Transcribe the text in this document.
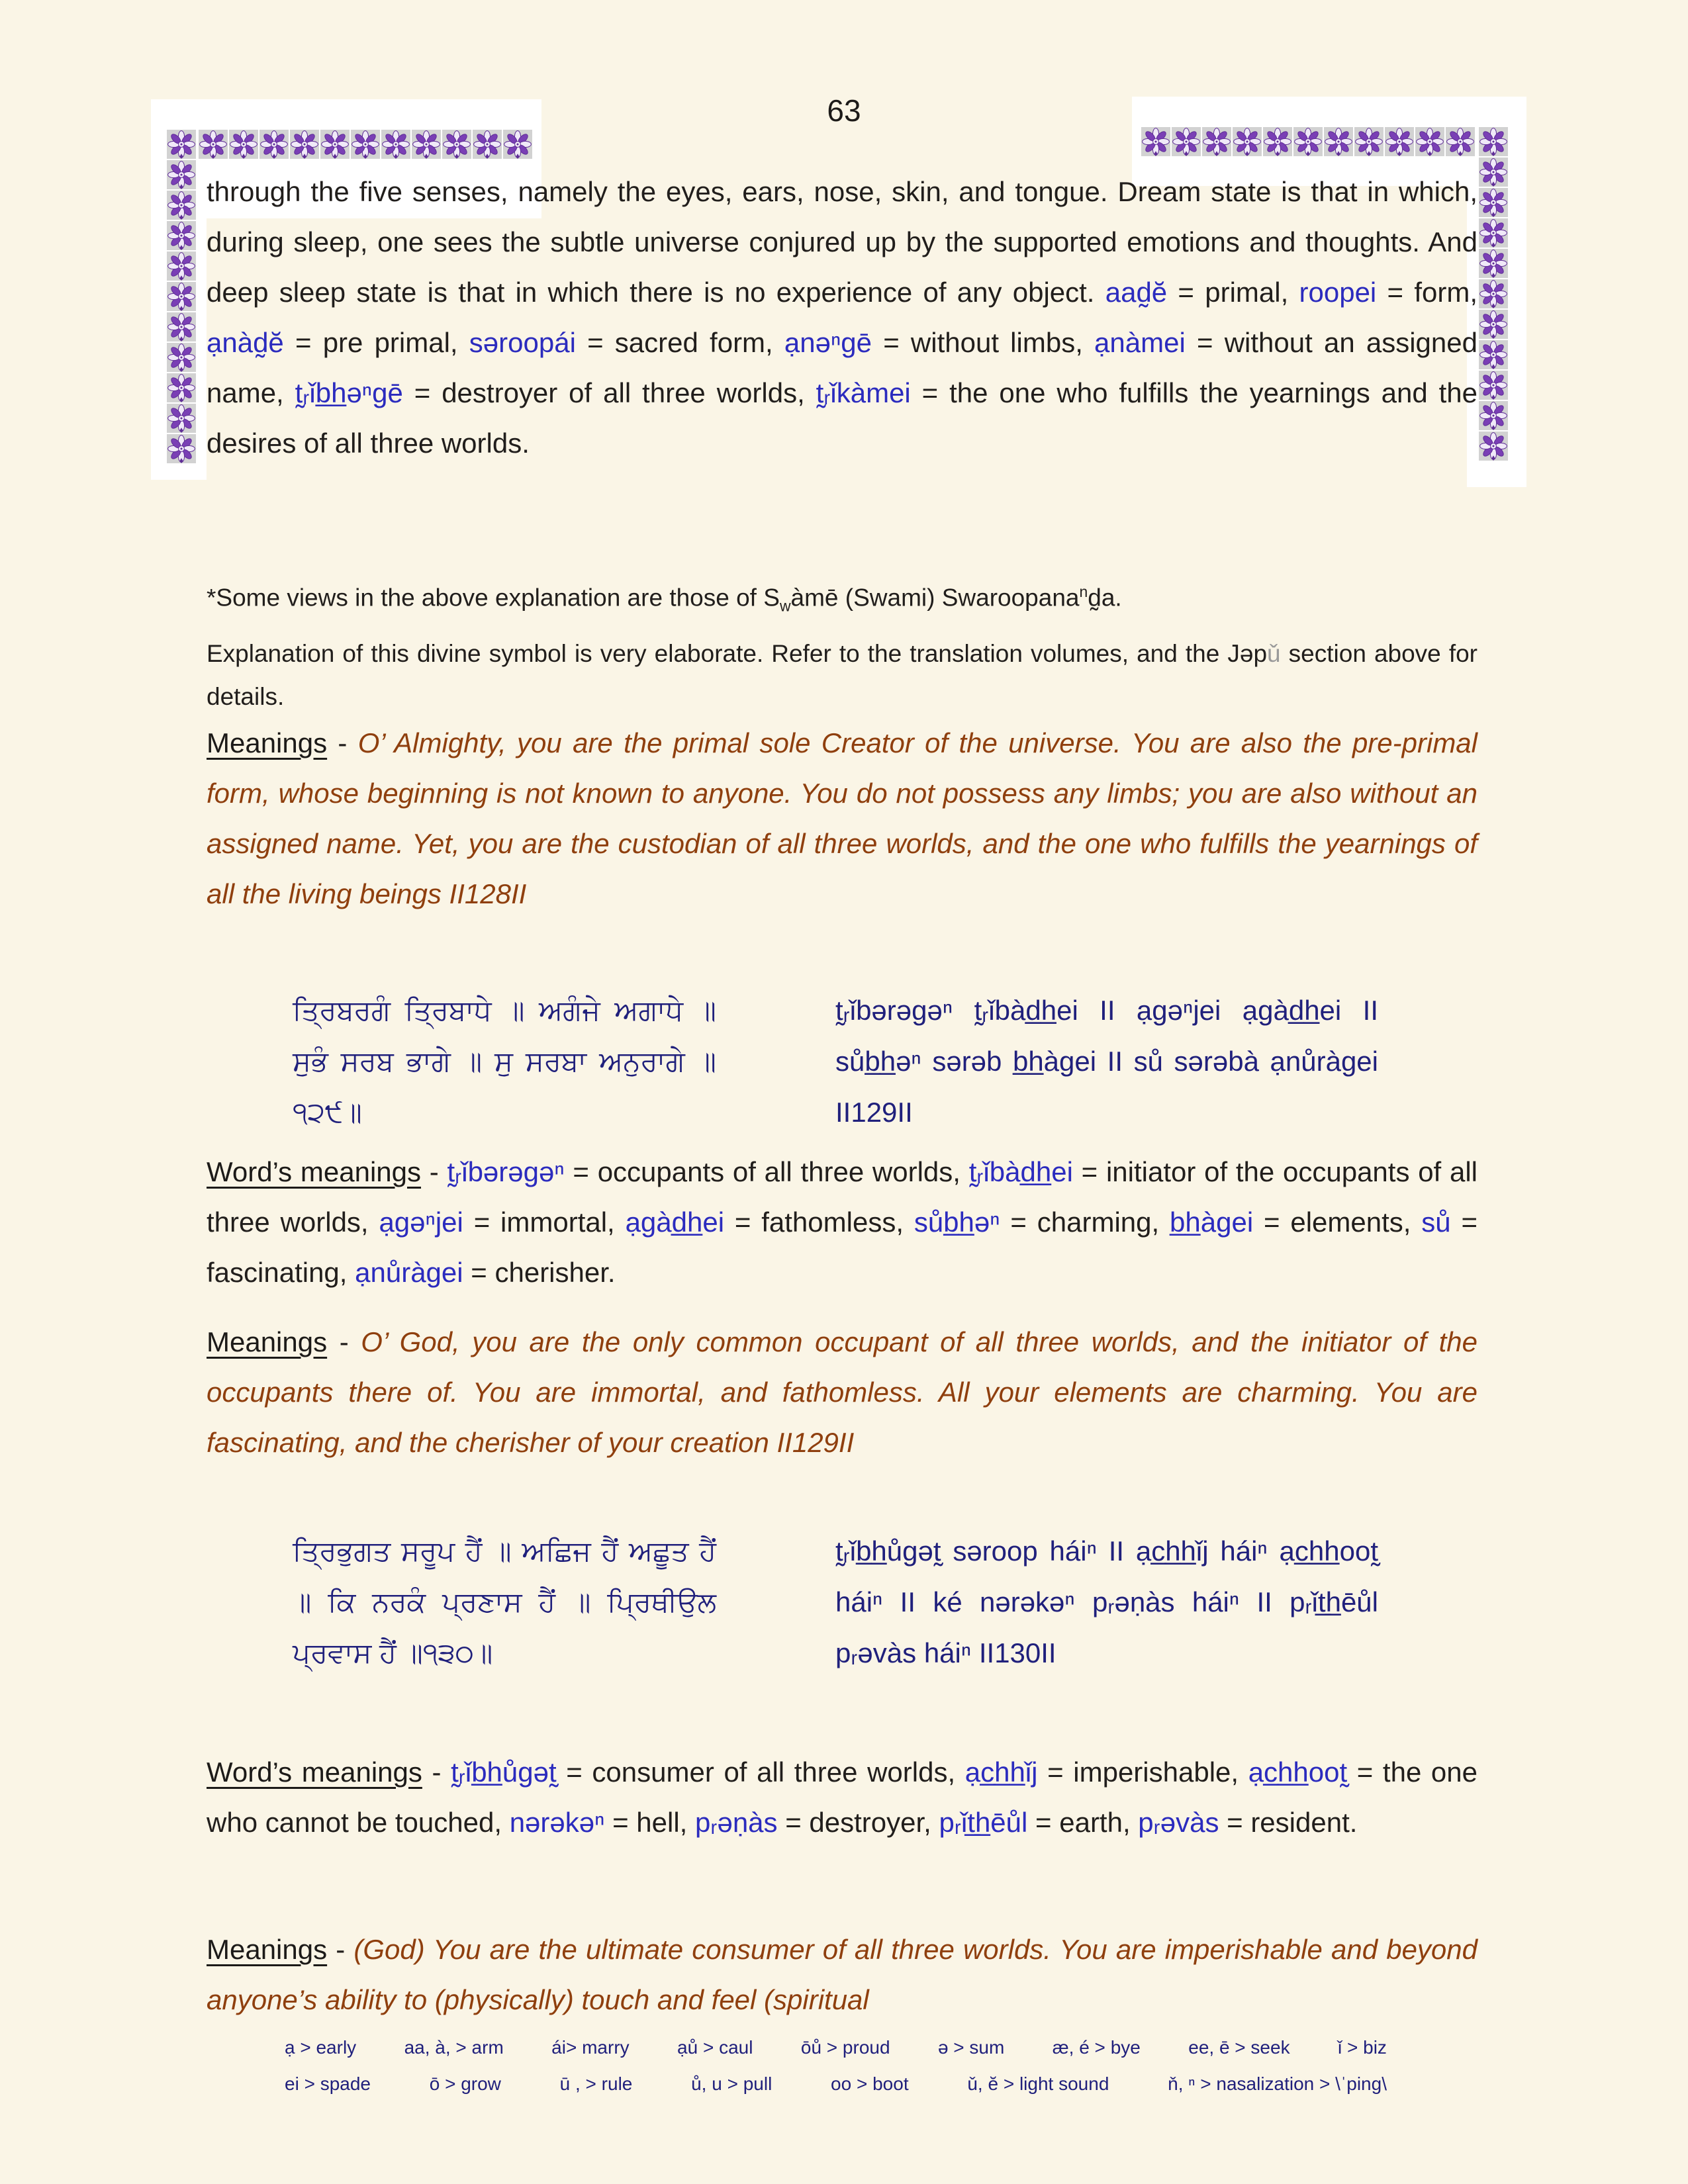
63

through the five senses, namely the eyes, ears, nose, skin, and tongue. Dream state is that in which, during sleep, one sees the subtle universe conjured up by the supported emotions and thoughts. And deep sleep state is that in which there is no experience of any object. aad̰ĕ = primal, roopei = form, ạnàd̰ĕ = pre primal, səroopái = sacred form, ạnəⁿgē = without limbs, ạnàmei = without an assigned name, t̰ᵣǐb̲h̲əⁿgē = destroyer of all three worlds, t̰ᵣǐkàmei = the one who fulfills the yearnings and the desires of all three worlds.

*Some views in the above explanation are those of $S_wàmē$ (Swami) Swaroopana$^n$d̰a.

Explanation of this divine symbol is very elaborate. Refer to the translation volumes, and the Jəpǔ section above for details.

Meanings - O’ Almighty, you are the primal sole Creator of the universe. You are also the pre-primal form, whose beginning is not known to anyone. You do not possess any limbs; you are also without an assigned name. Yet, you are the custodian of all three worlds, and the one who fulfills the yearnings of all the living beings II128II

ਤ੍ਰਿਬਰਗੰ ਤ੍ਰਿਬਾਧੇ ॥ ਅਗੰਜੇ ਅਗਾਧੇ ॥ ਸੁਭੰ ਸਰਬ ਭਾਗੇ ॥ ਸੁ ਸਰਬਾ ਅਨੁਰਾਗੇ ॥੧੨੯॥
t̰ᵣǐbərəgəⁿ t̰ᵣǐbàd̲h̲ei II ạgəⁿjei ạgàd̲h̲ei II sůb̲h̲əⁿ sərəb b̲h̲àgei II sů sərəbà ạnůràgei II129II

Word’s meanings - t̰ᵣǐbərəgəⁿ = occupants of all three worlds, t̰ᵣǐbàd̲h̲ei = initiator of the occupants of all three worlds, ạgəⁿjei = immortal, ạgàd̲h̲ei = fathomless, sůb̲h̲əⁿ = charming, b̲h̲àgei = elements, sů = fascinating, ạnůràgei = cherisher.

Meanings - O’ God, you are the only common occupant of all three worlds, and the initiator of the occupants there of. You are immortal, and fathomless. All your elements are charming. You are fascinating, and the cherisher of your creation II129II

ਤ੍ਰਿਭੁਗਤ ਸਰੂਪ ਹੈਂ ॥ ਅਛਿਜ ਹੈਂ ਅਛੂਤ ਹੈਂ ॥ ਕਿ ਨਰਕੰ ਪ੍ਰਣਾਸ ਹੈਂ ॥ ਪ੍ਰਿਥੀਉਲ ਪ੍ਰਵਾਸ ਹੈਂ ॥੧੩੦॥
t̰ᵣǐb̲h̲ůgət̰ səroop háiⁿ II ạc̲h̲h̲ǐj háiⁿ ạc̲h̲h̲oot̰ háiⁿ II ké nərəkəⁿ pᵣəṇàs háiⁿ II pᵣǐt̲h̲ēůl pᵣəvàs háiⁿ II130II

Word’s meanings - t̰ᵣǐb̲h̲ůgət̰ = consumer of all three worlds, ạc̲h̲h̲ǐj = imperishable, ạc̲h̲h̲oot̰ = the one who cannot be touched, nərəkəⁿ = hell, pᵣəṇàs = destroyer, pᵣǐt̲h̲ēůl = earth, pᵣəvàs = resident.

Meanings - (God) You are the ultimate consumer of all three worlds. You are imperishable and beyond anyone’s ability to (physically) touch and feel (spiritual

ạ > early	aa, à, > arm	ái> marry	ạů > caul	ōů > proud	ə > sum	æ, é > bye	ee, ē > seek	ǐ > biz
ei > spade	ō > grow	ū , > rule	ů, u > pull	oo > boot	ǔ, ĕ > light sound	ň, ⁿ > nasalization > \ˈping\
